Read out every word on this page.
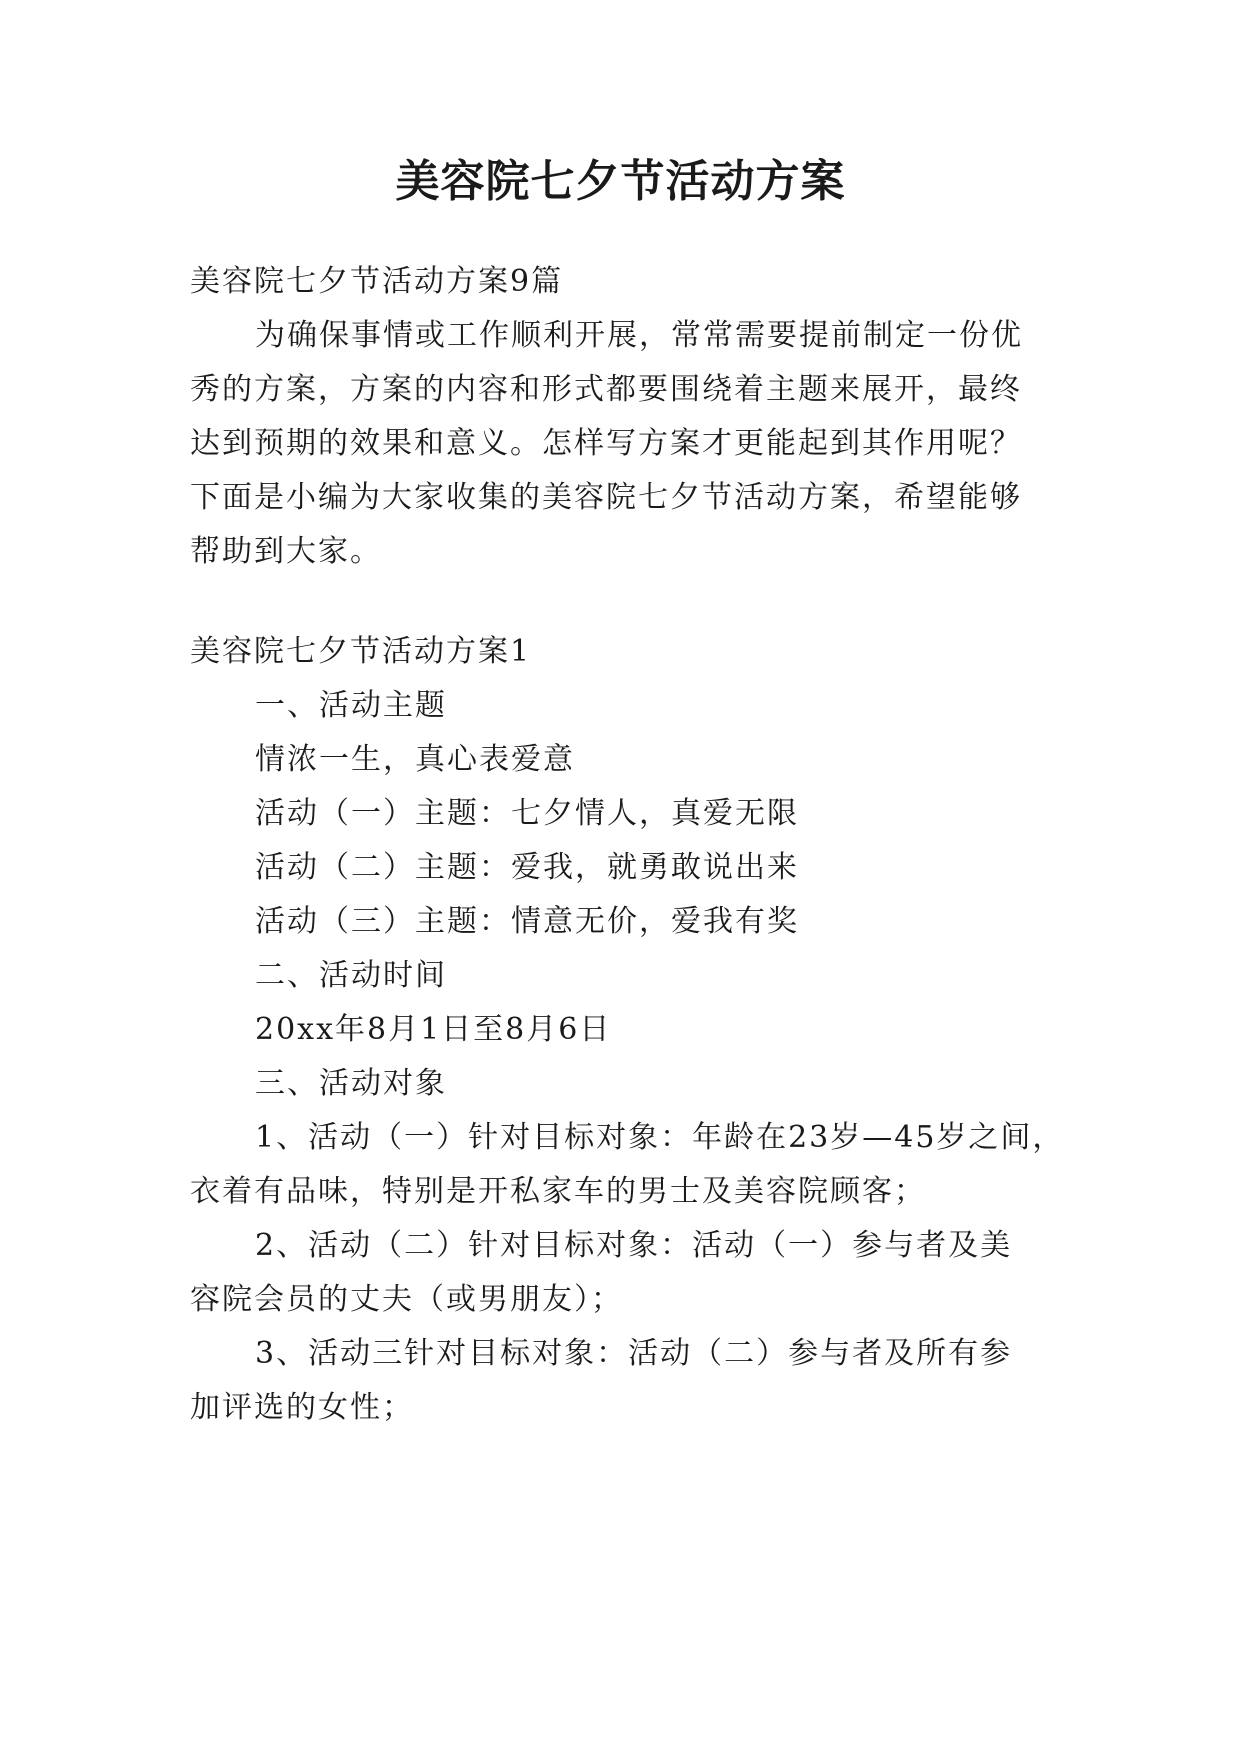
美容院七夕节活动方案
美容院七夕节活动方案9篇
为确保事情或工作顺利开展，常常需要提前制定一份优
秀的方案，方案的内容和形式都要围绕着主题来展开，最终
达到预期的效果和意义。怎样写方案才更能起到其作用呢？
下面是小编为大家收集的美容院七夕节活动方案，希望能够
帮助到大家。
美容院七夕节活动方案1
一、活动主题
情浓一生，真心表爱意
活动（一）主题：七夕情人，真爱无限
活动（二）主题：爱我，就勇敢说出来
活动（三）主题：情意无价，爱我有奖
二、活动时间
20xx年8月1日至8月6日
三、活动对象
1、活动（一）针对目标对象：年龄在23岁—45岁之间，
衣着有品味，特别是开私家车的男士及美容院顾客；
2、活动（二）针对目标对象：活动（一）参与者及美
容院会员的丈夫（或男朋友）；
3、活动三针对目标对象：活动（二）参与者及所有参
加评选的女性；
